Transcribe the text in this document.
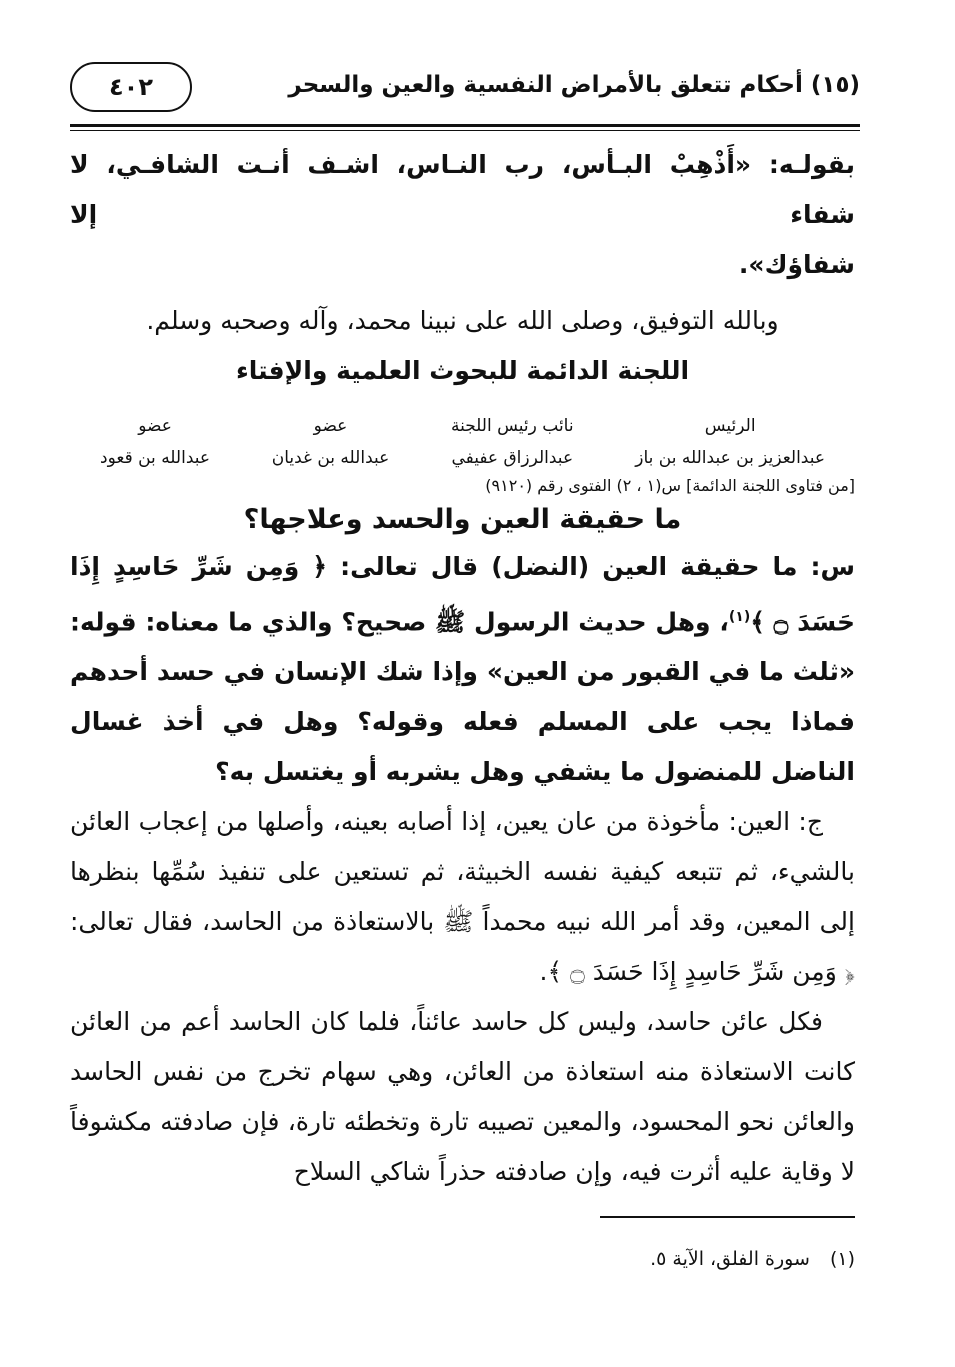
(١٥) أحكام تتعلق بالأمراض النفسية والعين والسحر
٤٠٢

بقولـه: «أَذْهِبْ البـأس، رب النـاس، اشـف أنـت الشافـي، لا شفاء إلا

شفاؤك».

وبالله التوفيق، وصلى الله على نبينا محمد، وآله وصحبه وسلم.

اللجنة الدائمة للبحوث العلمية والإفتاء

الرئيس
عبدالعزيز بن عبدالله بن باز
نائب رئيس اللجنة
عبدالرزاق عفيفي
عضو
عبدالله بن غديان
عضو
عبدالله بن قعود

[من فتاوى اللجنة الدائمة] س(١ ، ٢) الفتوى رقم (٩١٢٠)

ما حقيقة العين والحسد وعلاجها؟

س: ما حقيقة العين (النضل) قال تعالى: ﴿ وَمِن شَرِّ حَاسِدٍ إِذَا حَسَدَ ۝ ﴾$^{(١)}$، وهل حديث الرسول ﷺ صحيح؟ والذي ما معناه: قوله: «ثلث ما في القبور من العين» وإذا شك الإنسان في حسد أحدهم فماذا يجب على المسلم فعله وقوله؟ وهل في أخذ غسال الناضل للمنضول ما يشفي وهل يشربه أو يغتسل به؟

ج: العين: مأخوذة من عان يعين، إذا أصابه بعينه، وأصلها من إعجاب العائن بالشيء، ثم تتبعه كيفية نفسه الخبيثة، ثم تستعين على تنفيذ سُمِّها بنظرها إلى المعين، وقد أمر الله نبيه محمداً ﷺ بالاستعاذة من الحاسد، فقال تعالى: ﴿ وَمِن شَرِّ حَاسِدٍ إِذَا حَسَدَ ۝ ﴾.

فكل عائن حاسد، وليس كل حاسد عائناً، فلما كان الحاسد أعم من العائن كانت الاستعاذة منه استعاذة من العائن، وهي سهام تخرج من نفس الحاسد والعائن نحو المحسود، والمعين تصيبه تارة وتخطئه تارة، فإن صادفته مكشوفاً لا وقاية عليه أثرت فيه، وإن صادفته حذراً شاكي السلاح

(١) سورة الفلق، الآية ٥.
